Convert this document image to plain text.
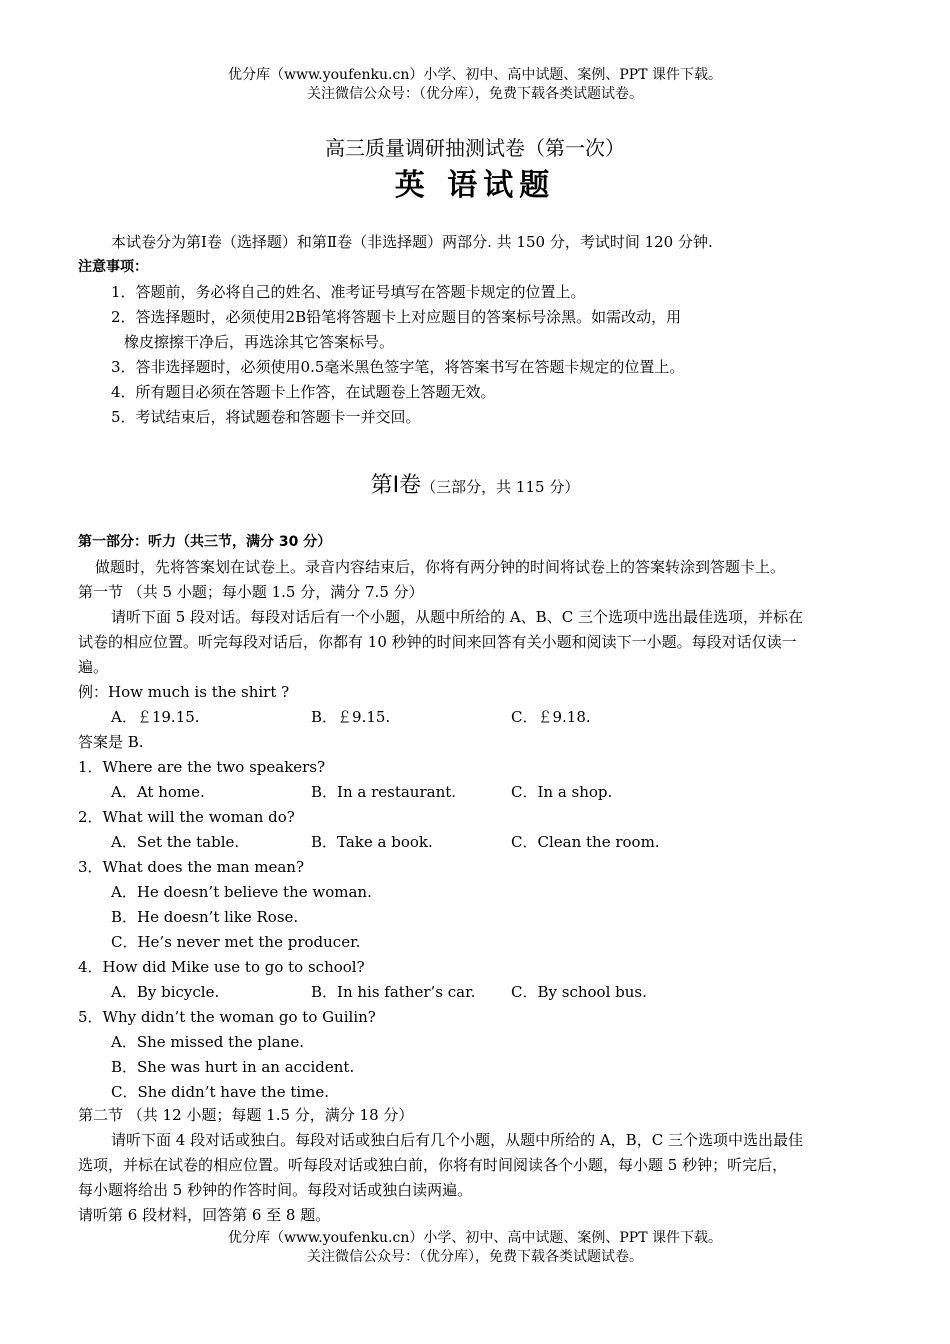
优分库（www.youfenku.cn）小学、初中、高中试题、案例、PPT 课件下载。
关注微信公众号：（优分库），免费下载各类试题试卷。
高三质量调研抽测试卷（第一次）
英 语试题
本试卷分为第Ⅰ卷（选择题）和第Ⅱ卷（非选择题）两部分. 共 150 分，考试时间 120 分钟.
注意事项：
1．答题前，务必将自己的姓名、准考证号填写在答题卡规定的位置上。
2．答选择题时，必须使用2B铅笔将答题卡上对应题目的答案标号涂黑。如需改动，用
橡皮擦擦干净后，再选涂其它答案标号。
3．答非选择题时，必须使用0.5毫米黑色签字笔，将答案书写在答题卡规定的位置上。
4．所有题目必须在答题卡上作答，在试题卷上答题无效。
5．考试结束后，将试题卷和答题卡一并交回。
第Ⅰ卷（三部分，共 115 分）
第一部分：听力（共三节，满分 30 分）
做题时，先将答案划在试卷上。录音内容结束后，你将有两分钟的时间将试卷上的答案转涂到答题卡上。
第一节 （共 5 小题；每小题 1.5 分，满分 7.5 分）
请听下面 5 段对话。每段对话后有一个小题，从题中所给的 A、B、C 三个选项中选出最佳选项，并标在
试卷的相应位置。听完每段对话后，你都有 10 秒钟的时间来回答有关小题和阅读下一小题。每段对话仅读一
遍。
例：How much is the shirt ?
A．￡19.15.	B．￡9.15.	C．￡9.18.
答案是 B.
1．Where are the two speakers?
A．At home.	B．In a restaurant.	C．In a shop.
2．What will the woman do?
A．Set the table.	B．Take a book.	C．Clean the room.
3．What does the man mean?
A．He doesn’t believe the woman.
B．He doesn’t like Rose.
C．He’s never met the producer.
4．How did Mike use to go to school?
A．By bicycle.	B．In his father’s car. C．By school bus.
5．Why didn’t the woman go to Guilin?
A．She missed the plane.
B．She was hurt in an accident.
C．She didn’t have the time.
第二节 （共 12 小题；每题 1.5 分，满分 18 分）
请听下面 4 段对话或独白。每段对话或独白后有几个小题，从题中所给的 A，B，C 三个选项中选出最佳
选项，并标在试卷的相应位置。听每段对话或独白前，你将有时间阅读各个小题，每小题 5 秒钟；听完后，
每小题将给出 5 秒钟的作答时间。每段对话或独白读两遍。
请听第 6 段材料，回答第 6 至 8 题。
优分库（www.youfenku.cn）小学、初中、高中试题、案例、PPT 课件下载。
关注微信公众号：（优分库），免费下载各类试题试卷。
